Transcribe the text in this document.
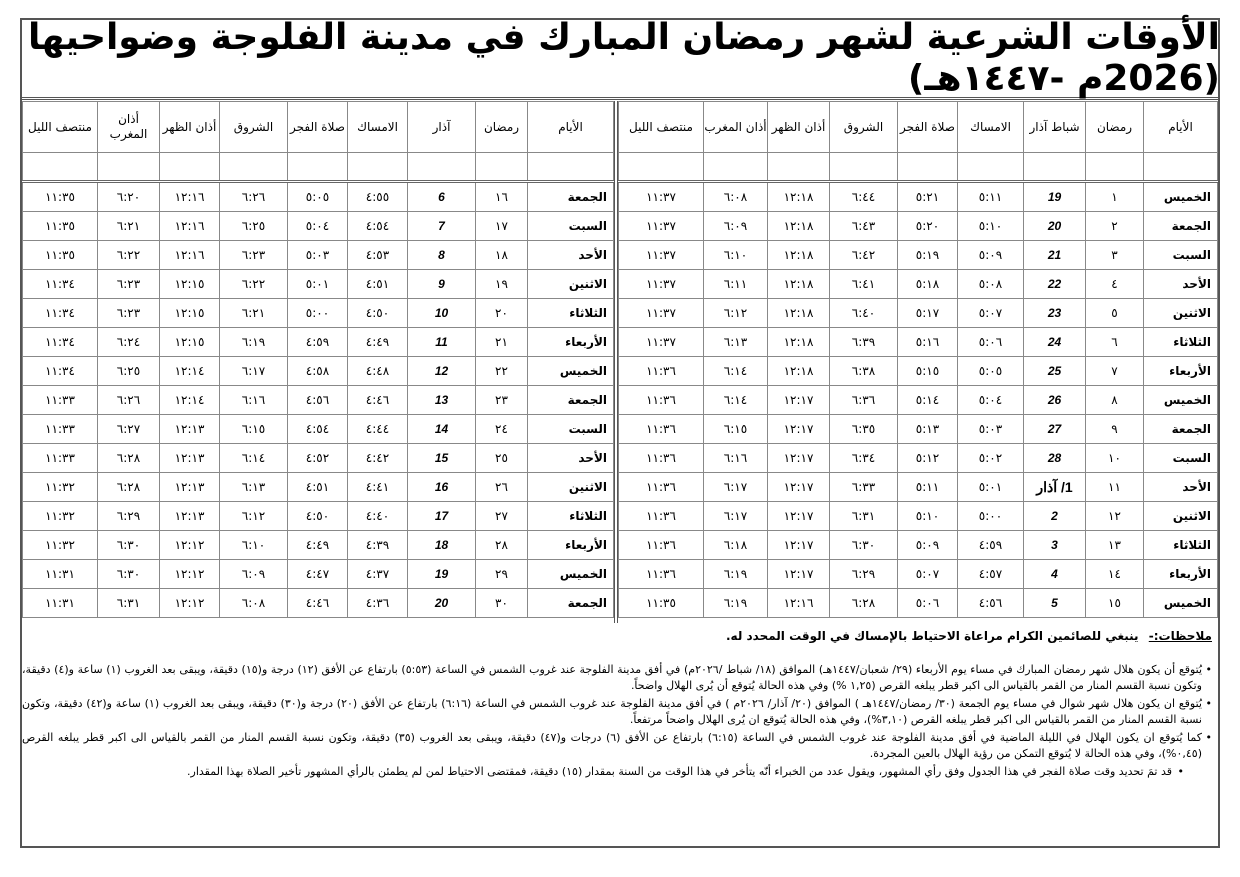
الأوقات الشرعية لشهر رمضان المبارك في مدينة الفلوجة وضواحيها (2026م -١٤٤٧هـ)
الأيام	رمضان	شباط آذار	الامساك	صلاة الفجر	الشروق	أذان الظهر	أذان المغرب	منتصف الليل

الخميس	١	19	٥:١١	٥:٢١	٦:٤٤	١٢:١٨	٦:٠٨	١١:٣٧
الجمعة	٢	20	٥:١٠	٥:٢٠	٦:٤٣	١٢:١٨	٦:٠٩	١١:٣٧
السبت	٣	21	٥:٠٩	٥:١٩	٦:٤٢	١٢:١٨	٦:١٠	١١:٣٧
الأحد	٤	22	٥:٠٨	٥:١٨	٦:٤١	١٢:١٨	٦:١١	١١:٣٧
الاثنين	٥	23	٥:٠٧	٥:١٧	٦:٤٠	١٢:١٨	٦:١٢	١١:٣٧
الثلاثاء	٦	24	٥:٠٦	٥:١٦	٦:٣٩	١٢:١٨	٦:١٣	١١:٣٧
الأربعاء	٧	25	٥:٠٥	٥:١٥	٦:٣٨	١٢:١٨	٦:١٤	١١:٣٦
الخميس	٨	26	٥:٠٤	٥:١٤	٦:٣٦	١٢:١٧	٦:١٤	١١:٣٦
الجمعة	٩	27	٥:٠٣	٥:١٣	٦:٣٥	١٢:١٧	٦:١٥	١١:٣٦
السبت	١٠	28	٥:٠٢	٥:١٢	٦:٣٤	١٢:١٧	٦:١٦	١١:٣٦
الأحد	١١	1/ آذار	٥:٠١	٥:١١	٦:٣٣	١٢:١٧	٦:١٧	١١:٣٦
الاثنين	١٢	2	٥:٠٠	٥:١٠	٦:٣١	١٢:١٧	٦:١٧	١١:٣٦
الثلاثاء	١٣	3	٤:٥٩	٥:٠٩	٦:٣٠	١٢:١٧	٦:١٨	١١:٣٦
الأربعاء	١٤	4	٤:٥٧	٥:٠٧	٦:٢٩	١٢:١٧	٦:١٩	١١:٣٦
الخميس	١٥	5	٤:٥٦	٥:٠٦	٦:٢٨	١٢:١٦	٦:١٩	١١:٣٥
الأيام	رمضان	آذار	الامساك	صلاة الفجر	الشروق	أذان الظهر	أذان المغرب	منتصف الليل

الجمعة	١٦	6	٤:٥٥	٥:٠٥	٦:٢٦	١٢:١٦	٦:٢٠	١١:٣٥
السبت	١٧	7	٤:٥٤	٥:٠٤	٦:٢٥	١٢:١٦	٦:٢١	١١:٣٥
الأحد	١٨	8	٤:٥٣	٥:٠٣	٦:٢٣	١٢:١٦	٦:٢٢	١١:٣٥
الاثنين	١٩	9	٤:٥١	٥:٠١	٦:٢٢	١٢:١٥	٦:٢٣	١١:٣٤
الثلاثاء	٢٠	10	٤:٥٠	٥:٠٠	٦:٢١	١٢:١٥	٦:٢٣	١١:٣٤
الأربعاء	٢١	11	٤:٤٩	٤:٥٩	٦:١٩	١٢:١٥	٦:٢٤	١١:٣٤
الخميس	٢٢	12	٤:٤٨	٤:٥٨	٦:١٧	١٢:١٤	٦:٢٥	١١:٣٤
الجمعة	٢٣	13	٤:٤٦	٤:٥٦	٦:١٦	١٢:١٤	٦:٢٦	١١:٣٣
السبت	٢٤	14	٤:٤٤	٤:٥٤	٦:١٥	١٢:١٣	٦:٢٧	١١:٣٣
الأحد	٢٥	15	٤:٤٢	٤:٥٢	٦:١٤	١٢:١٣	٦:٢٨	١١:٣٣
الاثنين	٢٦	16	٤:٤١	٤:٥١	٦:١٣	١٢:١٣	٦:٢٨	١١:٣٢
الثلاثاء	٢٧	17	٤:٤٠	٤:٥٠	٦:١٢	١٢:١٣	٦:٢٩	١١:٣٢
الأربعاء	٢٨	18	٤:٣٩	٤:٤٩	٦:١٠	١٢:١٢	٦:٣٠	١١:٣٢
الخميس	٢٩	19	٤:٣٧	٤:٤٧	٦:٠٩	١٢:١٢	٦:٣٠	١١:٣١
الجمعة	٣٠	20	٤:٣٦	٤:٤٦	٦:٠٨	١٢:١٢	٦:٣١	١١:٣١
ملاحظات:- ينبغي للصائمين الكرام مراعاة الاحتياط بالإمساك في الوقت المحدد له.
• يُتوقع أن يكون هلال شهر رمضان المبارك في مساء يوم الأربعاء (٢٩/ شعبان/١٤٤٧هـ) الموافق (١٨/ شباط /٢٠٢٦م) في أفق مدينة الفلوجة عند غروب الشمس في الساعة (٥:٥٣) بارتفاع عن الأفق (١٢) درجة و(١٥) دقيقة، ويبقى بعد الغروب (١) ساعة و(٤) دقيقة، وتكون نسبة القسم المنار من القمر بالقياس الى اكبر قطر يبلغه القرص (١,٢٥ %) وفي هذه الحالة يُتوقع أن يُرى الهلال واضحاً.
• يُتوقع ان يكون هلال شهر شوال في مساء يوم الجمعة (٣٠/ رمضان/١٤٤٧هـ ) الموافق (٢٠/ آذار/ ٢٠٢٦م ) في أفق مدينة الفلوجة عند غروب الشمس في الساعة (٦:١٦) بارتفاع عن الأفق (٢٠) درجة و(٣٠) دقيقة، ويبقى بعد الغروب (١) ساعة و(٤٢) دقيقة، وتكون نسبة القسم المنار من القمر بالقياس الى اكبر قطر يبلغه القرص (٣,١٠%)، وفي هذه الحالة يُتوقع ان يُرى الهلال واضحاً مرتفعاً.
• كما يُتوقع ان يكون الهلال في الليلة الماضية في أفق مدينة الفلوجة عند غروب الشمس في الساعة (٦:١٥) بارتفاع عن الأفق (٦) درجات و(٤٧) دقيقة، ويبقى بعد الغروب (٣٥) دقيقة، وتكون نسبة القسم المنار من القمر بالقياس الى اكبر قطر يبلغه القرص (٠,٤٥%)، وفي هذه الحالة لا يُتوقع التمكن من رؤية الهلال بالعين المجردة.
• قد تمَ تحديد وقت صلاة الفجر في هذا الجدول وفق رأي المشهور، ويقول عدد من الخبراء أنّه يتأخر في هذا الوقت من السنة بمقدار (١٥) دقيقة، فمقتضى الاحتياط لمن لم يطمئن بالرأي المشهور تأخير الصلاة بهذا المقدار.
